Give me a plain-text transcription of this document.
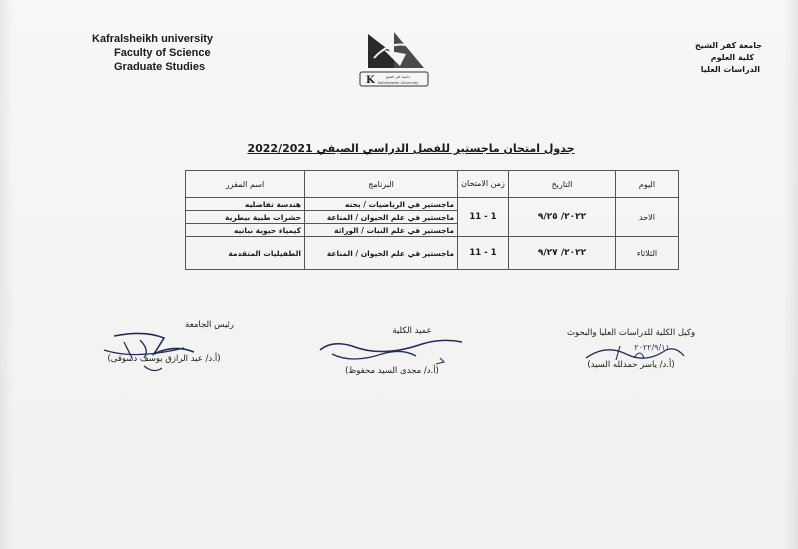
Kafralsheikh university
Faculty of Science
Graduate Studies
K	جامعة كفر الشيخ
Kafrelsheikh University
جامعة كفر الشيخ
كلية العلوم
الدراسات العليا
جدول امتحان ماجستير للفصل الدراسي الصيفي 2022/2021
اليوم	التاريخ	زمن الامتحان	البرنامج	اسم المقرر
الاحد	٢٠٢٢/ ٩/٢٥	11 - 1	ماجستير في الرياضيات / بحته	هندسة تفاضليه
			ماجستير في علم الحيوان / المناعة	حشرات طبية بيطرية
			ماجستير في علم النبات / الوراثة	كيمياء حيوية نباتيه
الثلاثاء	٢٠٢٢/ ٩/٢٧	11 - 1	ماجستير في علم الحيوان / المناعة	الطفيليات المتقدمة
وكيل الكلية للدراسات العليا والبحوث
٢٠٢٢/٩/١١
(أ.د/ ياسر حمدلله السيد)
عميد الكلية
(أ.د/ مجدى السيد محفوظ)
رئيس الجامعة
(أ.د/ عبد الرازق يوسف دسوقى)
